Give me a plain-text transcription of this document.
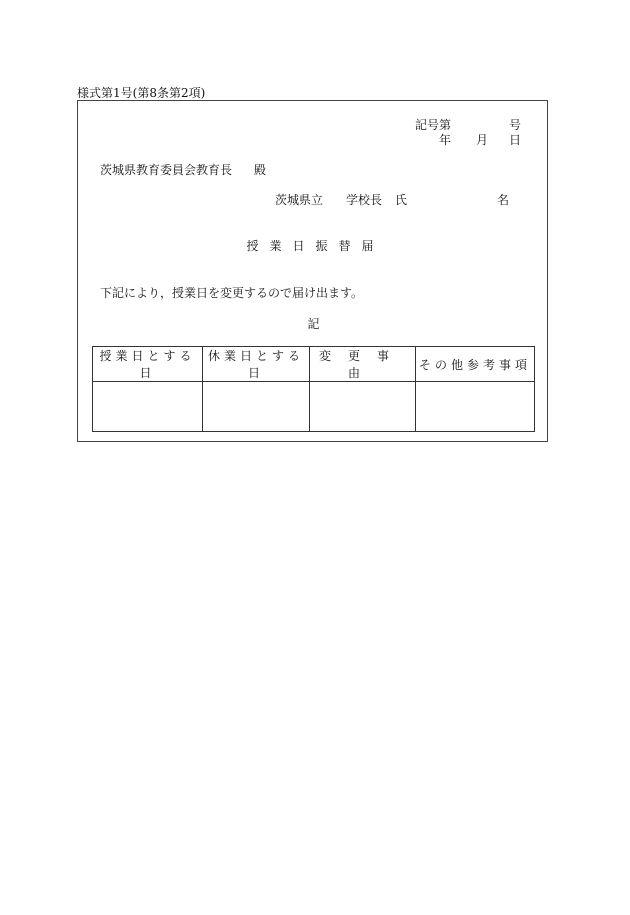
様式第1号(第8条第2項)
記号第	号
年 月 日
茨城県教育委員会教育長 殿
茨城県立 学校長 氏	名
授業日振替届
下記により，授業日を変更するので届け出ます。
記
授業日とする日	休業日とする日	変更事由	その他参考事項
